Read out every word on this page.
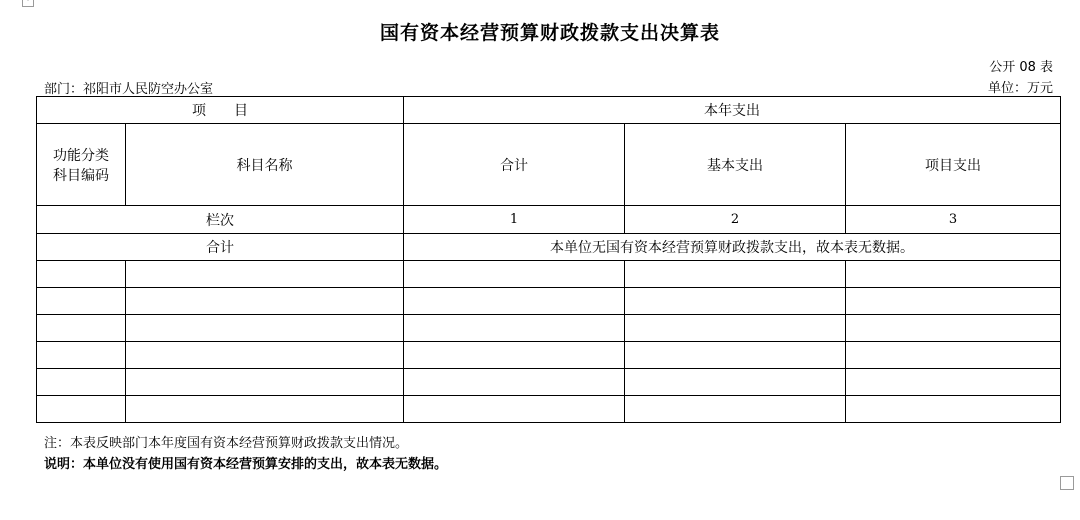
ˇ
国有资本经营预算财政拨款支出决算表
公开 08 表
部门：祁阳市人民防空办公室	单位：万元
项　　目		本年支出		

功能分类
科目编码	科目名称	合计	基本支出	项目支出
栏次		1	2	3
合计		本单位无国有资本经营预算财政拨款支出，故本表无数据。		

注：本表反映部门本年度国有资本经营预算财政拨款支出情况。
说明：本单位没有使用国有资本经营预算安排的支出，故本表无数据。
